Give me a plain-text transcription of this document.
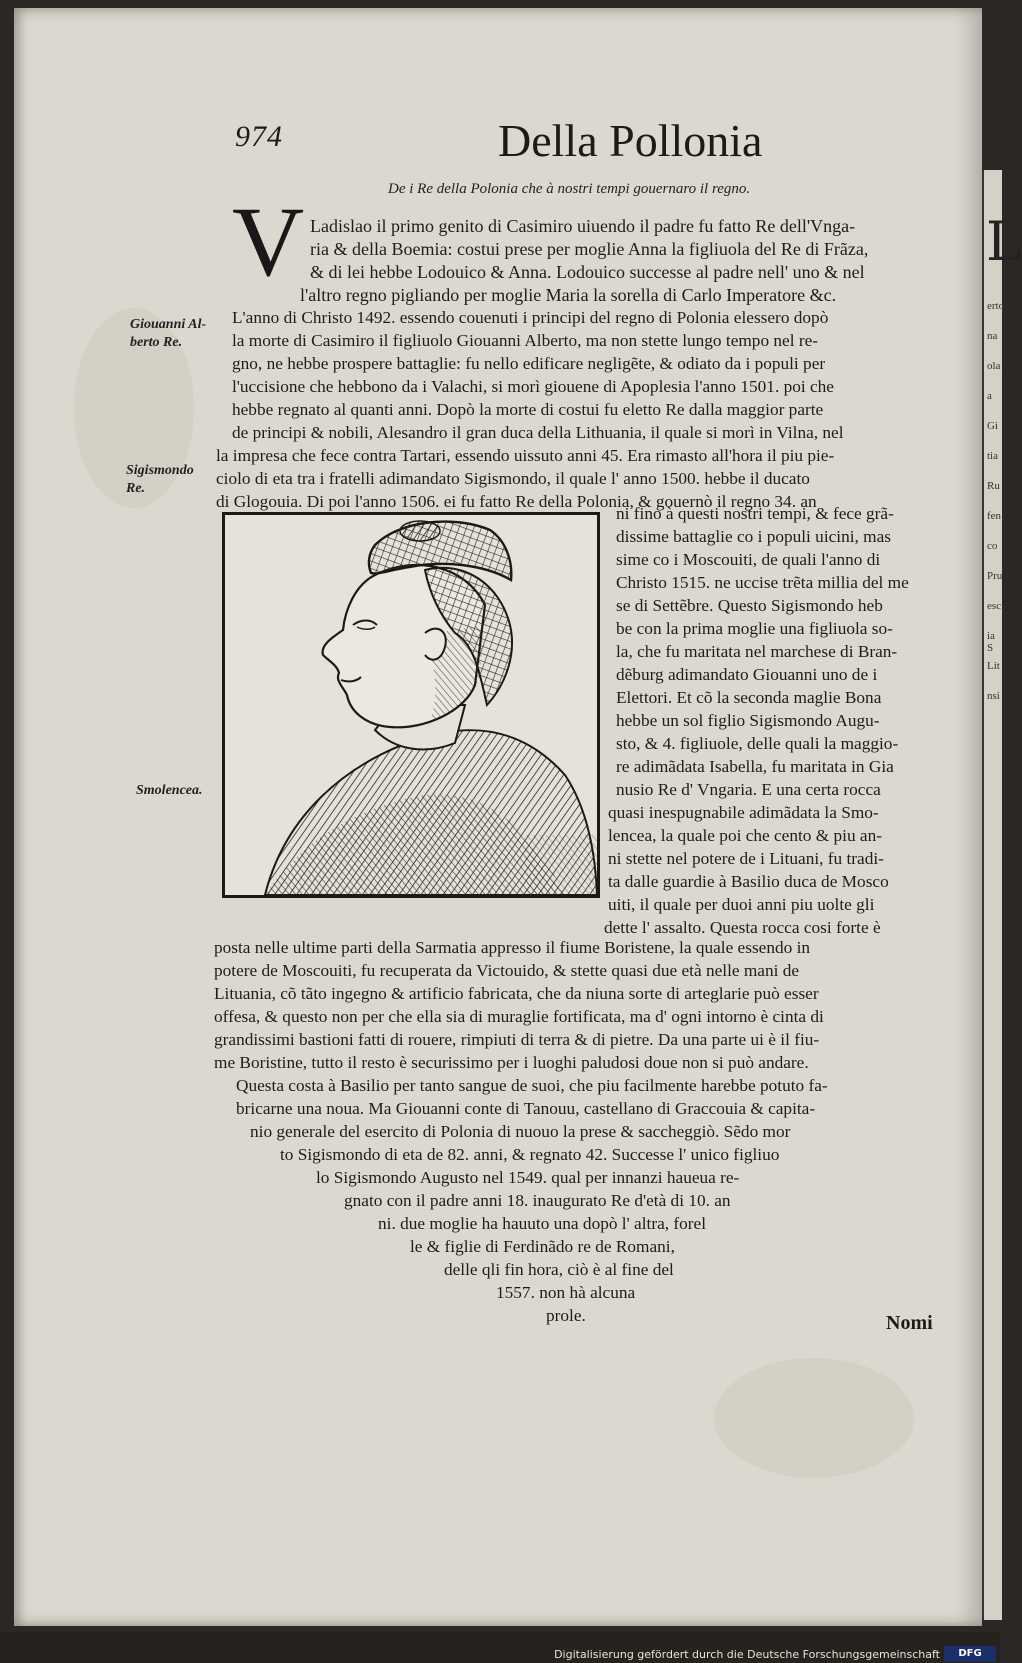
L
erto
na
ola
a
Gi
tia
Ru
fen
co
Pru
esc
ia S
Lit
nsi
974	Della Pollonia
De i Re della Polonia che à nostri tempi gouernaro il regno.
V Ladislao il primo genito di Casimiro uiuendo il padre fu fatto Re dell'Vnga-
ria & della Boemia: costui prese per moglie Anna la figliuola del Re di Frãza,
& di lei hebbe Lodouico & Anna. Lodouico successe al padre nell' uno & nel
l'altro regno pigliando per moglie Maria la sorella di Carlo Imperatore &c.
L'anno di Christo 1492. essendo couenuti i principi del regno di Polonia elessero dopò
la morte di Casimiro il figliuolo Giouanni Alberto, ma non stette lungo tempo nel re-
gno, ne hebbe prospere battaglie: fu nello edificare negligẽte, & odiato da i populi per
l'uccisione che hebbono da i Valachi, si morì giouene di Apoplesia l'anno 1501. poi che
hebbe regnato al quanti anni. Dopò la morte di costui fu eletto Re dalla maggior parte
de principi & nobili, Alesandro il gran duca della Lithuania, il quale si morì in Vilna, nel
la impresa che fece contra Tartari, essendo uissuto anni 45. Era rimasto all'hora il piu pie-
ciolo di eta tra i fratelli adimandato Sigismondo, il quale l' anno 1500. hebbe il ducato
di Glogouia. Di poi l'anno 1506. ei fu fatto Re della Polonia, & gouernò il regno 34. an
ni fino à questi nostri tempi, & fece grã-
dissime battaglie co i populi uicini, mas
sime co i Moscouiti, de quali l'anno di
Christo 1515. ne uccise trẽta millia del me
se di Settẽbre. Questo Sigismondo heb
be con la prima moglie una figliuola so-
la, che fu maritata nel marchese di Bran-
dẽburg adimandato Giouanni uno de i
Elettori. Et cõ la seconda maglie Bona
hebbe un sol figlio Sigismondo Augu-
sto, & 4. figliuole, delle quali la maggio-
re adimãdata Isabella, fu maritata in Gia
nusio Re d' Vngaria. E una certa rocca
quasi inespugnabile adimãdata la Smo-
lencea, la quale poi che cento & piu an-
ni stette nel potere de i Lituani, fu tradi-
ta dalle guardie à Basilio duca de Mosco
uiti, il quale per duoi anni piu uolte gli
dette l' assalto. Questa rocca cosi forte è
posta nelle ultime parti della Sarmatia appresso il fiume Boristene, la quale essendo in
potere de Moscouiti, fu recuperata da Victouido, & stette quasi due età nelle mani de
Lituania, cõ tãto ingegno & artificio fabricata, che da niuna sorte di arteglarie può esser
offesa, & questo non per che ella sia di muraglie fortificata, ma d' ogni intorno è cinta di
grandissimi bastioni fatti di rouere, rimpiuti di terra & di pietre. Da una parte ui è il fiu-
me Boristine, tutto il resto è securissimo per i luoghi paludosi doue non si può andare.
Questa costa à Basilio per tanto sangue de suoi, che piu facilmente harebbe potuto fa-
bricarne una noua. Ma Giouanni conte di Tanouu, castellano di Graccouia & capita-
nio generale del esercito di Polonia di nuouo la prese & saccheggiò. Sẽdo mor
to Sigismondo di eta de 82. anni, & regnato 42. Successe l' unico figliuo
lo Sigismondo Augusto nel 1549. qual per innanzi haueua re-
gnato con il padre anni 18. inaugurato Re d'età di 10. an
ni. due moglie ha hauuto una dopò l' altra, forel
le & figlie di Ferdinãdo re de Romani,
delle qli fin hora, ciò è al fine del
1557. non hà alcuna
prole.
Giouanni Al-
berto Re.
Sigismondo
Re.
Smolencea.
Nomi
Digitalisierung gefördert durch die Deutsche Forschungsgemeinschaft	DFG
